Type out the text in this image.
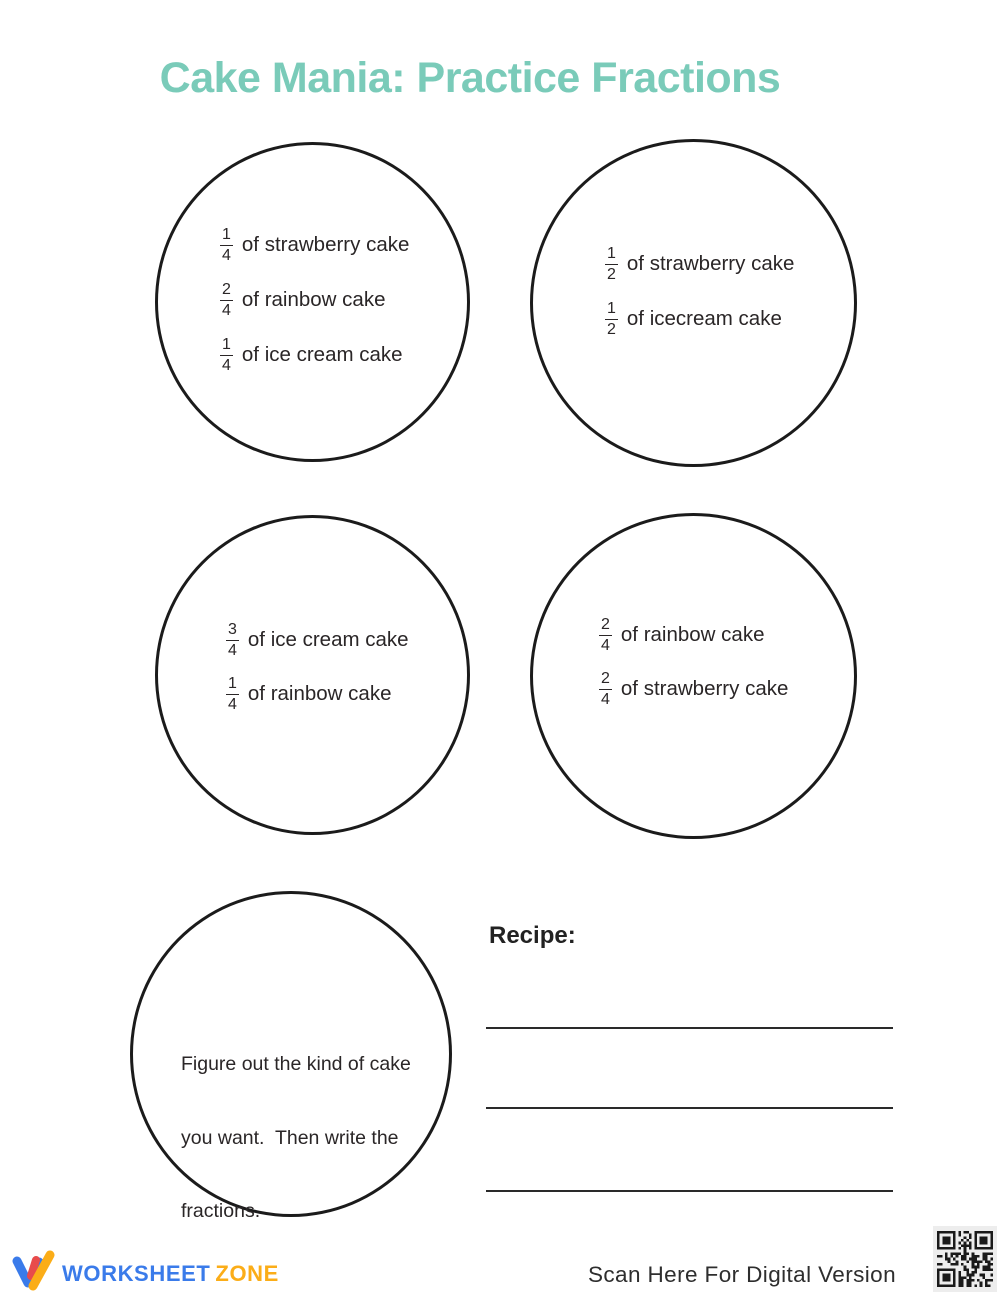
Cake Mania: Practice Fractions
$\frac{1}{4}$ of strawberry cake
$\frac{2}{4}$ of rainbow cake
$\frac{1}{4}$ of ice cream cake
$\frac{1}{2}$ of strawberry cake
$\frac{1}{2}$ of icecream cake
$\frac{3}{4}$ of ice cream cake
$\frac{1}{4}$ of rainbow cake
$\frac{2}{4}$ of rainbow cake
$\frac{2}{4}$ of strawberry cake

Figure out the kind of cake

you want.  Then write the

fractions.

Recipe:
WORKSHEET ZONE	Scan Here For Digital Version
